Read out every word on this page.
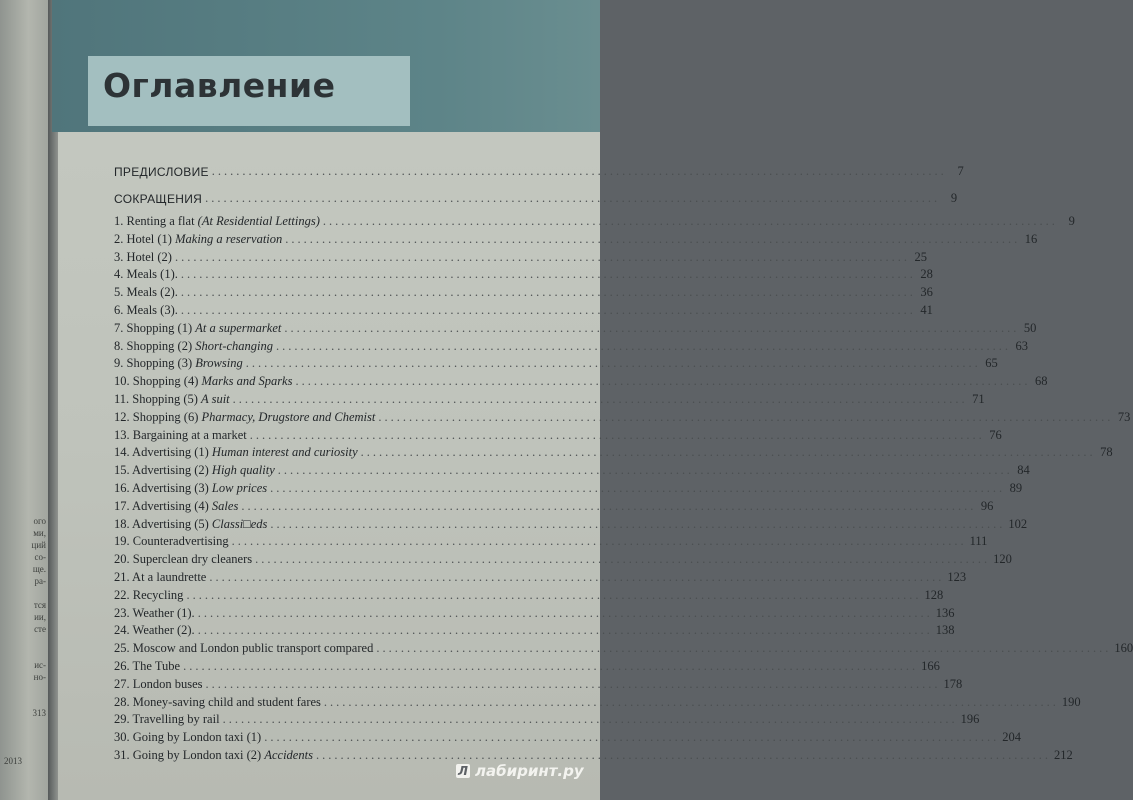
ого
ми,
ций
со-
ще.
ра-

тся
ии,
сте

ис-
но-

313
2013
Оглавление
ПРЕДИСЛОВИЕ ........................................................................................................................ 7
СОКРАЩЕНИЯ ........................................................................................................................ 9
1. Renting a flat (At Residential Lettings) ........................................................................................................................ 9
2. Hotel (1) Making a reservation ........................................................................................................................ 16
3. Hotel (2) ........................................................................................................................ 25
4. Meals (1). ........................................................................................................................ 28
5. Meals (2). ........................................................................................................................ 36
6. Meals (3). ........................................................................................................................ 41
7. Shopping (1) At a supermarket ........................................................................................................................ 50
8. Shopping (2) Short-changing ........................................................................................................................ 63
9. Shopping (3) Browsing ........................................................................................................................ 65
10. Shopping (4) Marks and Sparks ........................................................................................................................ 68
11. Shopping (5) A suit ........................................................................................................................ 71
12. Shopping (6) Pharmacy, Drugstore and Chemist ........................................................................................................................ 73
13. Bargaining at a market ........................................................................................................................ 76
14. Advertising (1) Human interest and curiosity ........................................................................................................................ 78
15. Advertising (2) High quality ........................................................................................................................ 84
16. Advertising (3) Low prices ........................................................................................................................ 89
17. Advertising (4) Sales ........................................................................................................................ 96
18. Advertising (5) Classi□eds ........................................................................................................................ 102
19. Counteradvertising ........................................................................................................................ 111
20. Superclean dry cleaners ........................................................................................................................ 120
21. At a laundrette ........................................................................................................................ 123
22. Recycling ........................................................................................................................ 128
23. Weather (1). ........................................................................................................................ 136
24. Weather (2). ........................................................................................................................ 138
25. Moscow and London public transport compared ........................................................................................................................ 160
26. The Tube ........................................................................................................................ 166
27. London buses ........................................................................................................................ 178
28. Money-saving child and student fares ........................................................................................................................ 190
29. Travelling by rail ........................................................................................................................ 196
30. Going by London taxi (1) ........................................................................................................................ 204
31. Going by London taxi (2) Accidents ........................................................................................................................ 212
Л лабиринт.ру
